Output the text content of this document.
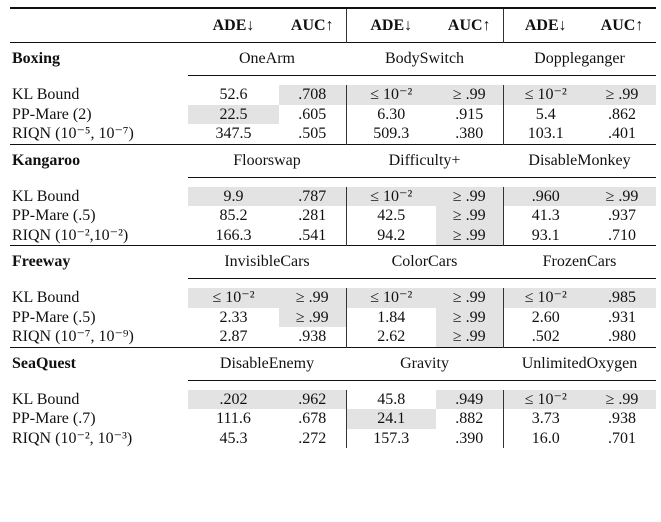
	ADE↓	AUC↑	ADE↓	AUC↑	ADE↓	AUC↑

Boxing	OneArm		BodySwitch		Doppleganger	

KL Bound	52.6	.708	≤ 10⁻²	≥ .99	≤ 10⁻²	≥ .99
PP-Mare (2)	22.5	.605	6.30	.915	5.4	.862
RIQN (10⁻⁵, 10⁻⁷)	347.5	.505	509.3	.380	103.1	.401

Kangaroo	Floorswap		Difficulty+		DisableMonkey	

KL Bound	9.9	.787	≤ 10⁻²	≥ .99	.960	≥ .99
PP-Mare (.5)	85.2	.281	42.5	≥ .99	41.3	.937
RIQN (10⁻²,10⁻²)	166.3	.541	94.2	≥ .99	93.1	.710

Freeway	InvisibleCars		ColorCars		FrozenCars	

KL Bound	≤ 10⁻²	≥ .99	≤ 10⁻²	≥ .99	≤ 10⁻²	.985
PP-Mare (.5)	2.33	≥ .99	1.84	≥ .99	2.60	.931
RIQN (10⁻⁷, 10⁻⁹)	2.87	.938	2.62	≥ .99	.502	.980

SeaQuest	DisableEnemy		Gravity		UnlimitedOxygen	

KL Bound	.202	.962	45.8	.949	≤ 10⁻²	≥ .99
PP-Mare (.7)	111.6	.678	24.1	.882	3.73	.938
RIQN (10⁻², 10⁻³)	45.3	.272	157.3	.390	16.0	.701
